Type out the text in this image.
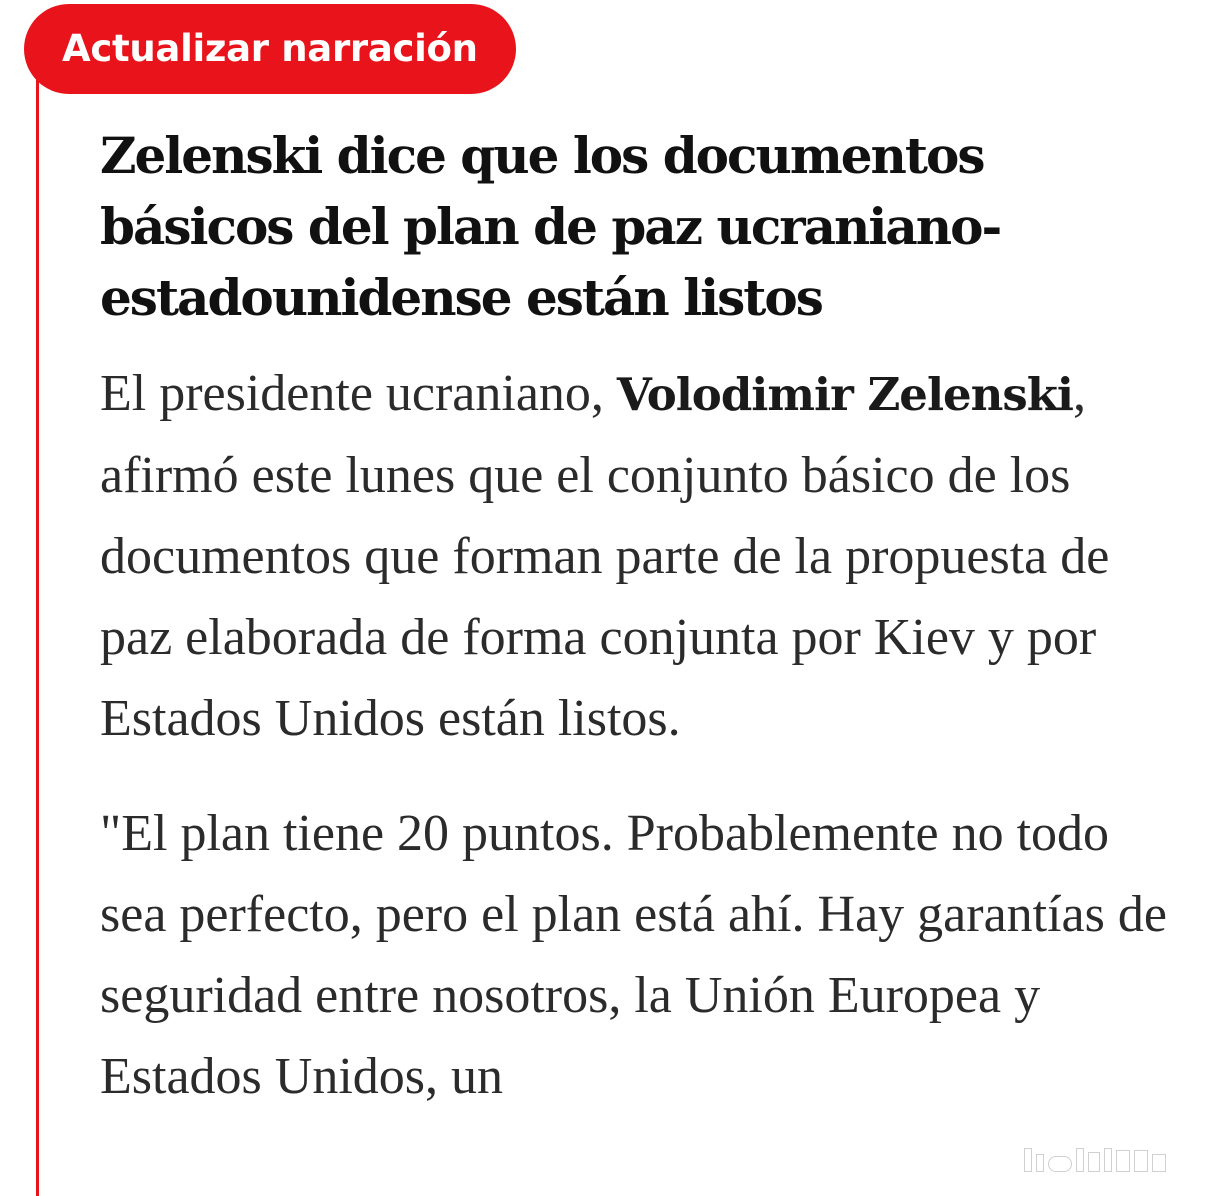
Actualizar narración
Zelenski dice que los documentos
básicos del plan de paz ucraniano-
estadounidense están listos

El presidente ucraniano, Volodimir Zelenski, afirmó este lunes que el conjunto básico de los documentos que forman parte de la propuesta de paz elaborada de forma conjunta por Kiev y por Estados Unidos están listos.

"El plan tiene 20 puntos. Probablemente no todo sea perfecto, pero el plan está ahí. Hay garantías de seguridad entre nosotros, la Unión Europea y Estados Unidos, un
